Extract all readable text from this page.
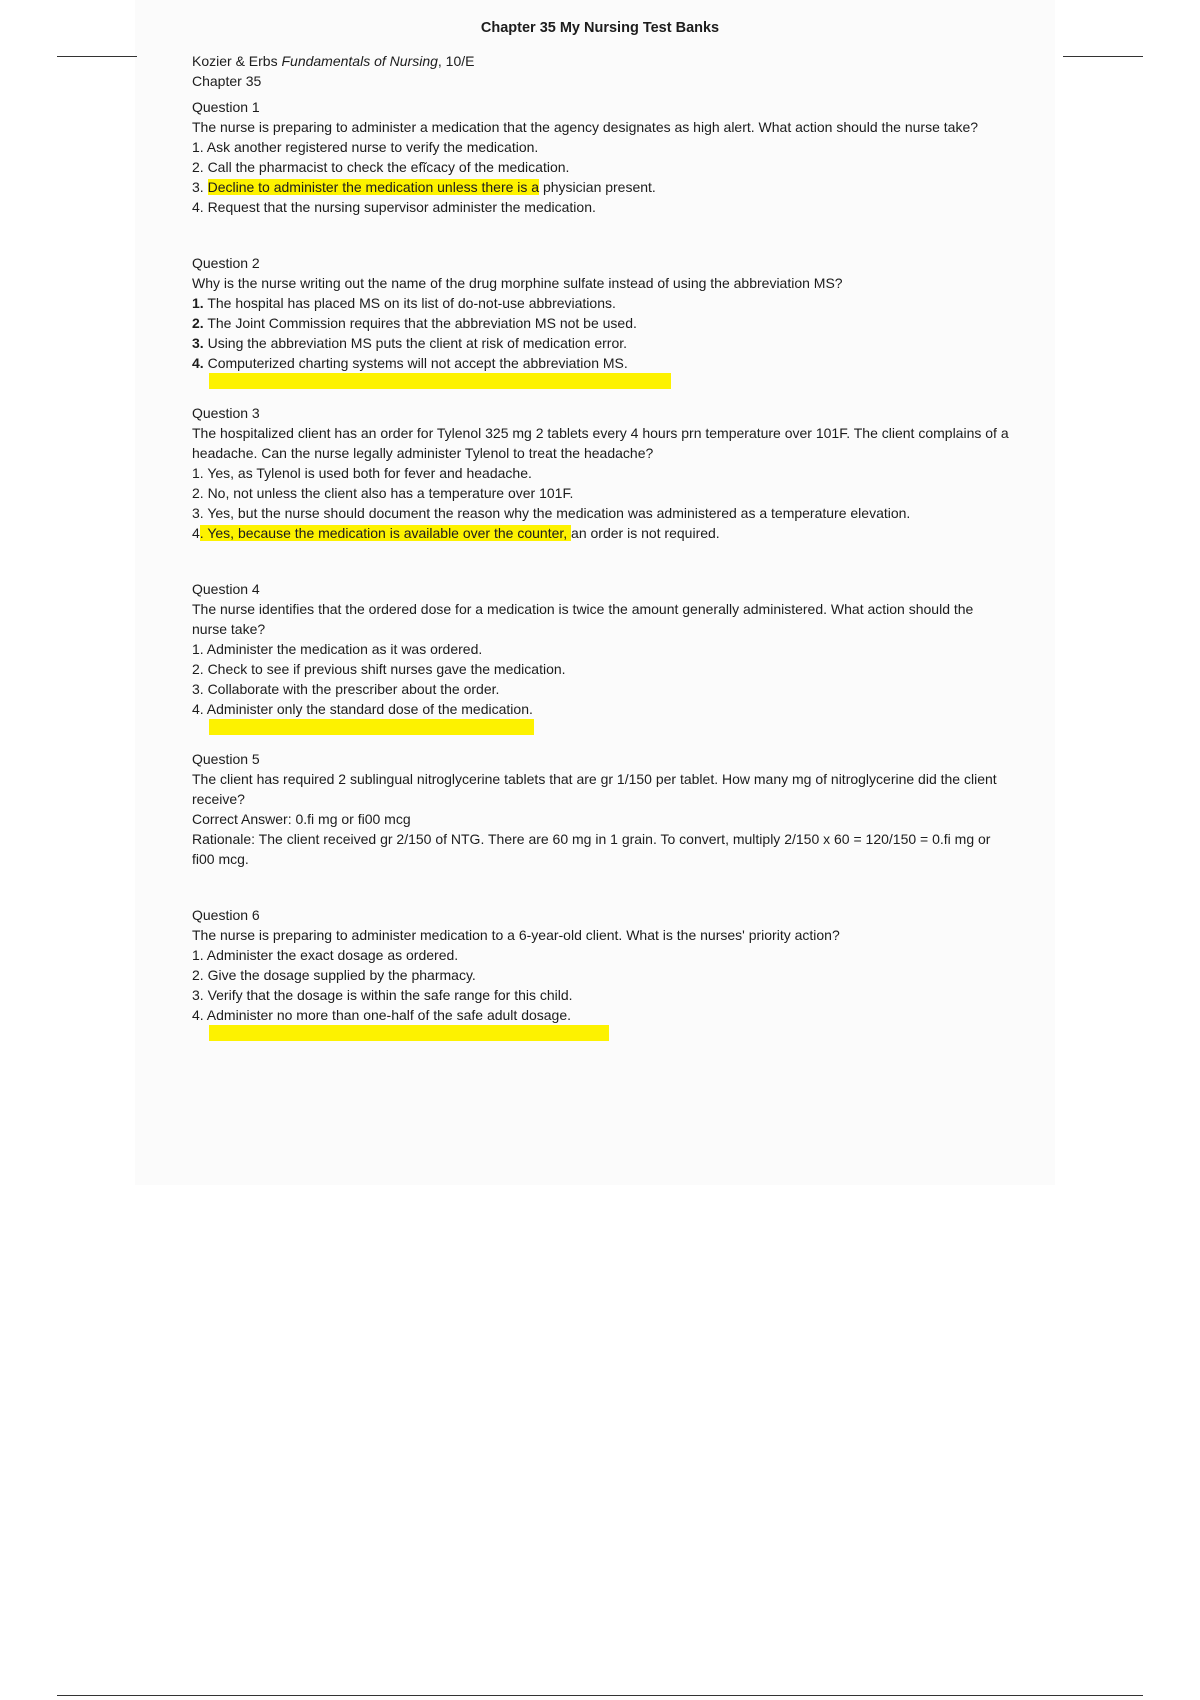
Chapter 35 My Nursing Test Banks
Kozier & Erbs Fundamentals of Nursing, 10/E
Chapter 35
Question 1
The nurse is preparing to administer a medication that the agency designates as high alert. What action should the nurse take?
1. Ask another registered nurse to verify the medication.
2. Call the pharmacist to check the efĩcacy of the medication.
3. Decline to administer the medication unless there is a physician present.
4. Request that the nursing supervisor administer the medication.
Question 2
Why is the nurse writing out the name of the drug morphine sulfate instead of using the abbreviation MS?
1. The hospital has placed MS on its list of do-not-use abbreviations.
2. The Joint Commission requires that the abbreviation MS not be used.
3. Using the abbreviation MS puts the client at risk of medication error.
4. Computerized charting systems will not accept the abbreviation MS.
Question 3
The hospitalized client has an order for Tylenol 325 mg 2 tablets every 4 hours prn temperature over 101F. The client complains of a headache. Can the nurse legally administer Tylenol to treat the headache?
1. Yes, as Tylenol is used both for fever and headache.
2. No, not unless the client also has a temperature over 101F.
3. Yes, but the nurse should document the reason why the medication was administered as a temperature elevation.
4. Yes, because the medication is available over the counter, an order is not required.
Question 4
The nurse identifies that the ordered dose for a medication is twice the amount generally administered. What action should the nurse take?
1. Administer the medication as it was ordered.
2. Check to see if previous shift nurses gave the medication.
3. Collaborate with the prescriber about the order.
4. Administer only the standard dose of the medication.
Question 5
The client has required 2 sublingual nitroglycerine tablets that are gr 1/150 per tablet. How many mg of nitroglycerine did the client receive?
Correct Answer: 0.ﬁ mg or ﬁ00 mcg
Rationale: The client received gr 2/150 of NTG. There are 60 mg in 1 grain. To convert, multiply 2/150 x 60 = 120/150 = 0.ﬁ mg or ﬁ00 mcg.
Question 6
The nurse is preparing to administer medication to a 6-year-old client. What is the nurses' priority action?
1. Administer the exact dosage as ordered.
2. Give the dosage supplied by the pharmacy.
3. Verify that the dosage is within the safe range for this child.
4. Administer no more than one-half of the safe adult dosage.
